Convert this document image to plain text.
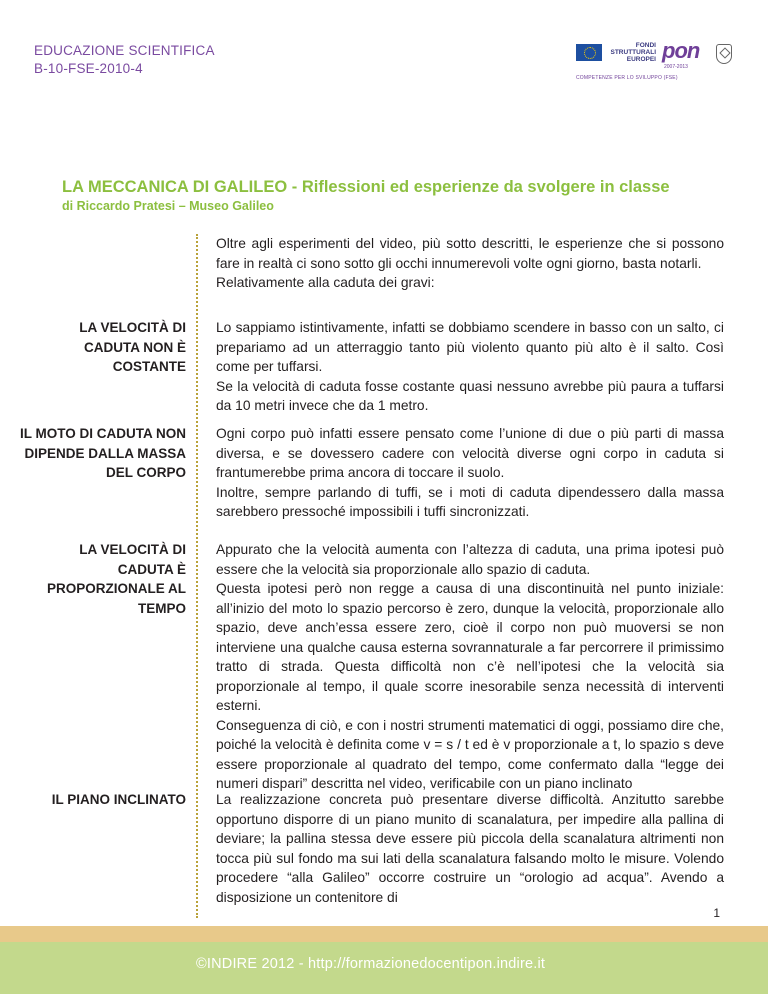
EDUCAZIONE SCIENTIFICA
B-10-FSE-2010-4
FONDI STRUTTURALI EUROPEI pon
2007-2013
COMPETENZE PER LO SVILUPPO (FSE)
LA MECCANICA DI GALILEO - Riflessioni ed esperienze da svolgere in classe
di Riccardo Pratesi – Museo Galileo

Oltre agli esperimenti del video, più sotto descritti, le esperienze che si possono fare in realtà ci sono sotto gli occhi innumerevoli volte ogni giorno, basta notarli.
Relativamente alla caduta dei gravi:

LA VELOCITÀ DI CADUTA NON È COSTANTE

Lo sappiamo istintivamente, infatti se dobbiamo scendere in basso con un salto, ci prepariamo ad un atterraggio tanto più violento quanto più alto è il salto. Così come per tuffarsi.
Se la velocità di caduta fosse costante quasi nessuno avrebbe più paura a tuffarsi da 10 metri invece che da 1 metro.

IL MOTO DI CADUTA NON DIPENDE DALLA MASSA DEL CORPO

Ogni corpo può infatti essere pensato come l’unione di due o più parti di massa diversa, e se dovessero cadere con velocità diverse ogni corpo in caduta si frantumerebbe prima ancora di toccare il suolo.
Inoltre, sempre parlando di tuffi, se i moti di caduta dipendessero dalla massa sarebbero pressoché impossibili i tuffi sincronizzati.

LA VELOCITÀ DI CADUTA È PROPORZIONALE AL TEMPO

Appurato che la velocità aumenta con l’altezza di caduta, una prima ipotesi può essere che la velocità sia proporzionale allo spazio di caduta.
Questa ipotesi però non regge a causa di una discontinuità nel punto iniziale: all’inizio del moto lo spazio percorso è zero, dunque la velocità, proporzionale allo spazio, deve anch’essa essere zero, cioè il corpo non può muoversi se non interviene una qualche causa esterna sovrannaturale a far percorrere il primissimo tratto di strada. Questa difficoltà non c’è nell’ipotesi che la velocità sia proporzionale al tempo, il quale scorre inesorabile senza necessità di interventi esterni.
Conseguenza di ciò, e con i nostri strumenti matematici di oggi, possiamo dire che, poiché la velocità è definita come v = s / t ed è v proporzionale a t, lo spazio s deve essere proporzionale al quadrato del tempo, come confermato dalla “legge dei numeri dispari” descritta nel video, verificabile con un piano inclinato

IL PIANO INCLINATO La realizzazione concreta può presentare diverse difficoltà. Anzitutto sarebbe opportuno disporre di un piano munito di scanalatura, per impedire alla pallina di deviare; la pallina stessa deve essere più piccola della scanalatura altrimenti non tocca più sul fondo ma sui lati della scanalatura falsando molto le misure. Volendo procedere “alla Galileo” occorre costruire un “orologio ad acqua”. Avendo a disposizione un contenitore di

1
©INDIRE 2012 - http://formazionedocentipon.indire.it
